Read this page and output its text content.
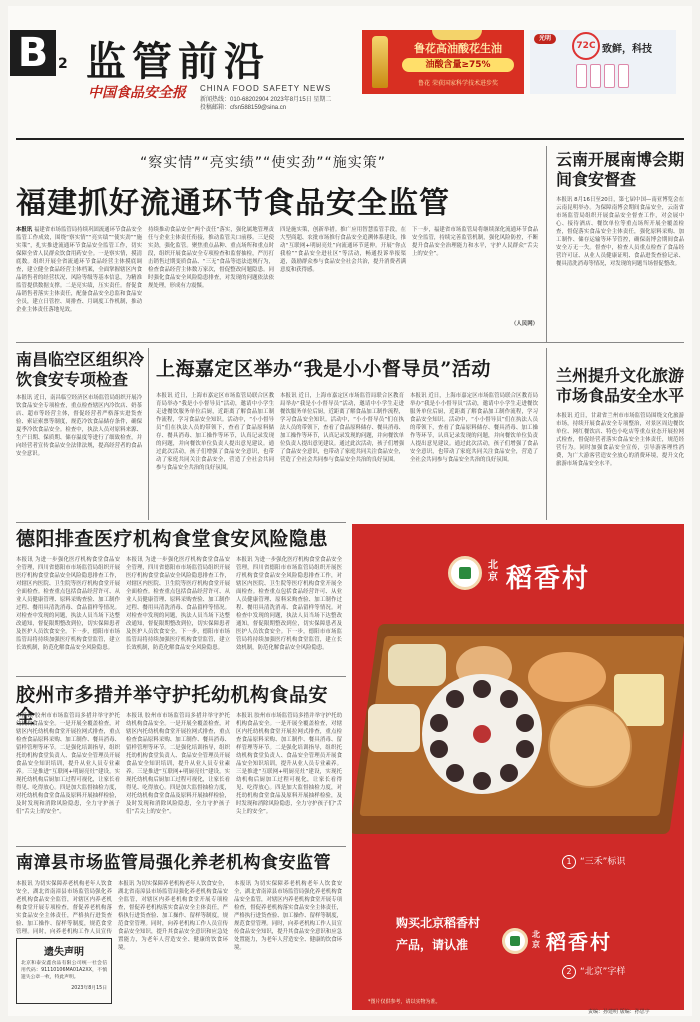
B 2 监管前沿
中国食品安全报 CHINA FOOD SAFETY NEWS
新闻热线：010-68202904 2023年8月15日 星期二
投稿邮箱：cfsn588159@sina.cn
鲁花高油酸花生油
油酸含量≥75%
鲁花 荣获国家科学技术进步奖
光明
72C 致鲜，科技
“察实情”“亮实绩”“使实劲”“施实策”
福建抓好流通环节食品安全监管
本报讯 福建省市场监管局持续巩固流通环节食品安全监管工作成效，围绕“察实情”“亮实绩”“使实劲”“施实策”，扎实推进流通环节食品安全监管工作，切实保障全省人民群众饮食用药安全。一是察实情，摸清底数。组织开展全省流通环节食品经营主体摸底调查，建立健全食品经营主体档案，全面掌握辖区内食品销售者的经营状况、风险等级等基本信息，为精准监管提供数据支撑。二是亮实绩，压实责任。督促食品销售者落实主体责任，配备食品安全总监和食品安全员，建立日管控、周排查、月调度工作机制，推动企业主体责任落地见效。
持续推动食品安全“两个责任”落实，强化属地管理责任与企业主体责任衔接，推动监管关口前移。三是使实劲，强化监管。聚焦重点品种、重点场所和重点时段，组织开展食品安全专项检查和监督抽检，严厉打击销售过期变质食品、“三无”食品等违法违规行为，检查食品经营主体数万家次，督促整改问题隐患。同时强化食品安全风险隐患排查，对发现的问题依法依规处理，形成有力震慑。
四是施实策，创新举措。推广应用智慧监管手段，在大型商超、农批市场推行食品安全追溯体系建设，推动“互联网+明厨亮灶”向流通环节延伸。开展“你点我检”“食品安全进社区”等活动，畅通投诉举报渠道，鼓励群众参与食品安全社会共治，提升消费者满意度和获得感。
下一步，福建省市场监管局将继续深化流通环节食品安全监管，持续完善监管机制，强化风险防控，不断提升食品安全治理能力和水平，守护人民群众“舌尖上的安全”。
（人民网）
云南开展南博会期间食安督查
本报讯 8月16日至20日，第七届中国—南亚博览会在云南昆明举办。为保障南博会期间食品安全，云南省市场监管局组织开展食品安全督查工作，对会展中心、接待酒店、餐饮单位等重点场所开展全覆盖检查，督促落实食品安全主体责任，强化原料采购、加工制作、储存运输等环节管控，确保南博会期间食品安全万无一失。督查中，检查人员重点检查了食品经营许可证、从业人员健康证明、食品进货查验记录、餐具清洗消毒等情况，对发现的问题当场督促整改。
南昌临空区组织冷饮食安专项检查
本报讯 近日，南昌临空经济区市场监管局组织开展冷饮食品安全专项检查，重点检查辖区内冷饮店、奶茶店、超市等经营主体，督促经营者严格落实进货查验、索证索票等制度，规范冷饮食品储存条件，确保夏季冷饮食品安全。检查中，执法人员对原料来源、生产日期、保质期、储存温度等进行了细致检查，并向经营者宣传食品安全法律法规，提高经营者的食品安全意识。
上海嘉定区举办“我是小小督导员”活动
本报讯 近日，上海市嘉定区市场监管局联合区教育局举办“我是小小督导员”活动，邀请中小学生走进餐饮服务单位后厨，近距离了解食品加工制作流程，学习食品安全知识。活动中，“小小督导员”们在执法人员的带领下，查看了食品原料储存、餐具消毒、加工操作等环节，认真记录发现的问题，并向餐饮单位负责人提出意见建议。通过此次活动，孩子们增强了食品安全意识，也带动了家庭共同关注食品安全，营造了全社会共同参与食品安全共治的良好氛围。
本报讯 近日，上海市嘉定区市场监管局联合区教育局举办“我是小小督导员”活动，邀请中小学生走进餐饮服务单位后厨，近距离了解食品加工制作流程，学习食品安全知识。活动中，“小小督导员”们在执法人员的带领下，查看了食品原料储存、餐具消毒、加工操作等环节，认真记录发现的问题，并向餐饮单位负责人提出意见建议。通过此次活动，孩子们增强了食品安全意识，也带动了家庭共同关注食品安全，营造了全社会共同参与食品安全共治的良好氛围。
本报讯 近日，上海市嘉定区市场监管局联合区教育局举办“我是小小督导员”活动，邀请中小学生走进餐饮服务单位后厨，近距离了解食品加工制作流程，学习食品安全知识。活动中，“小小督导员”们在执法人员的带领下，查看了食品原料储存、餐具消毒、加工操作等环节，认真记录发现的问题，并向餐饮单位负责人提出意见建议。通过此次活动，孩子们增强了食品安全意识，也带动了家庭共同关注食品安全，营造了全社会共同参与食品安全共治的良好氛围。
兰州提升文化旅游市场食品安全水平
本报讯 近日，甘肃省兰州市市场监管局围绕文化旅游市场，持续开展食品安全专项整治，对景区周边餐饮单位、网红餐饮店、特色小吃店等重点业态开展拉网式检查，督促经营者落实食品安全主体责任，规范经营行为。同时加强食品安全宣传，引导游客理性消费，为广大游客营造安全放心的消费环境，提升文化旅游市场食品安全水平。
德阳排查医疗机构食堂食安风险隐患
本报讯 为进一步强化医疗机构食堂食品安全管理，四川省德阳市市场监管局组织开展医疗机构食堂食品安全风险隐患排查工作，对辖区内医院、卫生院等医疗机构食堂开展全面检查。检查重点包括食品经营许可、从业人员健康管理、原料采购查验、加工制作过程、餐用具清洗消毒、食品留样等情况。对检查中发现的问题，执法人员当场下达整改通知，督促限期整改到位，切实保障患者及医护人员饮食安全。下一步，德阳市市场监管局将持续加强医疗机构食堂监管，建立长效机制，防范化解食品安全风险隐患。
本报讯 为进一步强化医疗机构食堂食品安全管理，四川省德阳市市场监管局组织开展医疗机构食堂食品安全风险隐患排查工作，对辖区内医院、卫生院等医疗机构食堂开展全面检查。检查重点包括食品经营许可、从业人员健康管理、原料采购查验、加工制作过程、餐用具清洗消毒、食品留样等情况。对检查中发现的问题，执法人员当场下达整改通知，督促限期整改到位，切实保障患者及医护人员饮食安全。下一步，德阳市市场监管局将持续加强医疗机构食堂监管，建立长效机制，防范化解食品安全风险隐患。
本报讯 为进一步强化医疗机构食堂食品安全管理，四川省德阳市市场监管局组织开展医疗机构食堂食品安全风险隐患排查工作，对辖区内医院、卫生院等医疗机构食堂开展全面检查。检查重点包括食品经营许可、从业人员健康管理、原料采购查验、加工制作过程、餐用具清洗消毒、食品留样等情况。对检查中发现的问题，执法人员当场下达整改通知，督促限期整改到位，切实保障患者及医护人员饮食安全。下一步，德阳市市场监管局将持续加强医疗机构食堂监管，建立长效机制，防范化解食品安全风险隐患。
胶州市多措并举守护托幼机构食品安全
本报讯 胶州市市场监管局多措并举守护托幼机构食品安全。一是开展全覆盖检查，对辖区内托幼机构食堂开展拉网式排查，重点检查食品原料采购、加工制作、餐具消毒、留样管理等环节。二是强化培训指导，组织托幼机构食堂负责人、食品安全管理员开展食品安全知识培训，提升从业人员专业素养。三是推进“互联网+明厨亮灶”建设，实现托幼机构后厨加工过程可视化，让家长看得见、吃得放心。四是加大监督抽检力度，对托幼机构食堂食品及原料开展抽样检验，及时发现和消除风险隐患，全力守护孩子们“舌尖上的安全”。
本报讯 胶州市市场监管局多措并举守护托幼机构食品安全。一是开展全覆盖检查，对辖区内托幼机构食堂开展拉网式排查，重点检查食品原料采购、加工制作、餐具消毒、留样管理等环节。二是强化培训指导，组织托幼机构食堂负责人、食品安全管理员开展食品安全知识培训，提升从业人员专业素养。三是推进“互联网+明厨亮灶”建设，实现托幼机构后厨加工过程可视化，让家长看得见、吃得放心。四是加大监督抽检力度，对托幼机构食堂食品及原料开展抽样检验，及时发现和消除风险隐患，全力守护孩子们“舌尖上的安全”。
本报讯 胶州市市场监管局多措并举守护托幼机构食品安全。一是开展全覆盖检查，对辖区内托幼机构食堂开展拉网式排查，重点检查食品原料采购、加工制作、餐具消毒、留样管理等环节。二是强化培训指导，组织托幼机构食堂负责人、食品安全管理员开展食品安全知识培训，提升从业人员专业素养。三是推进“互联网+明厨亮灶”建设，实现托幼机构后厨加工过程可视化，让家长看得见、吃得放心。四是加大监督抽检力度，对托幼机构食堂食品及原料开展抽样检验，及时发现和消除风险隐患，全力守护孩子们“舌尖上的安全”。
南漳县市场监管局强化养老机构食安监管
本报讯 为切实保障养老机构老年人饮食安全，湖北省南漳县市场监管局强化养老机构食品安全监管，对辖区内养老机构食堂开展专项检查，督促养老机构落实食品安全主体责任，严格执行进货查验、加工操作、留样等制度，规范食堂管理。同时，向养老机构工作人员宣传
本报讯 为切实保障养老机构老年人饮食安全，湖北省南漳县市场监管局强化养老机构食品安全监管，对辖区内养老机构食堂开展专项检查，督促养老机构落实食品安全主体责任，严格执行进货查验、加工操作、留样等制度，规范食堂管理。同时，向养老机构工作人员宣传食品安全知识，提升其食品安全意识和应急处置能力，为老年人营造安全、健康的饮食环境。
本报讯 为切实保障养老机构老年人饮食安全，湖北省南漳县市场监管局强化养老机构食品安全监管，对辖区内养老机构食堂开展专项检查，督促养老机构落实食品安全主体责任，严格执行进货查验、加工操作、留样等制度，规范食堂管理。同时，向养老机构工作人员宣传食品安全知识，提升其食品安全意识和应急处置能力，为老年人营造安全、健康的饮食环境。
遗失声明

北京和泰安鑫食品有限公司统一社会信用代码：91110106MA01A2XX，不慎遗失公章一枚，特此声明。

2023年8月15日

北京 稻香村
购买北京稻香村
产品，请认准
北京 稻香村
1 “三禾”标识
2 “北京”字样
*图片仅供参考，请以实物为准。
责编：孙建明 版编：孙思宇
